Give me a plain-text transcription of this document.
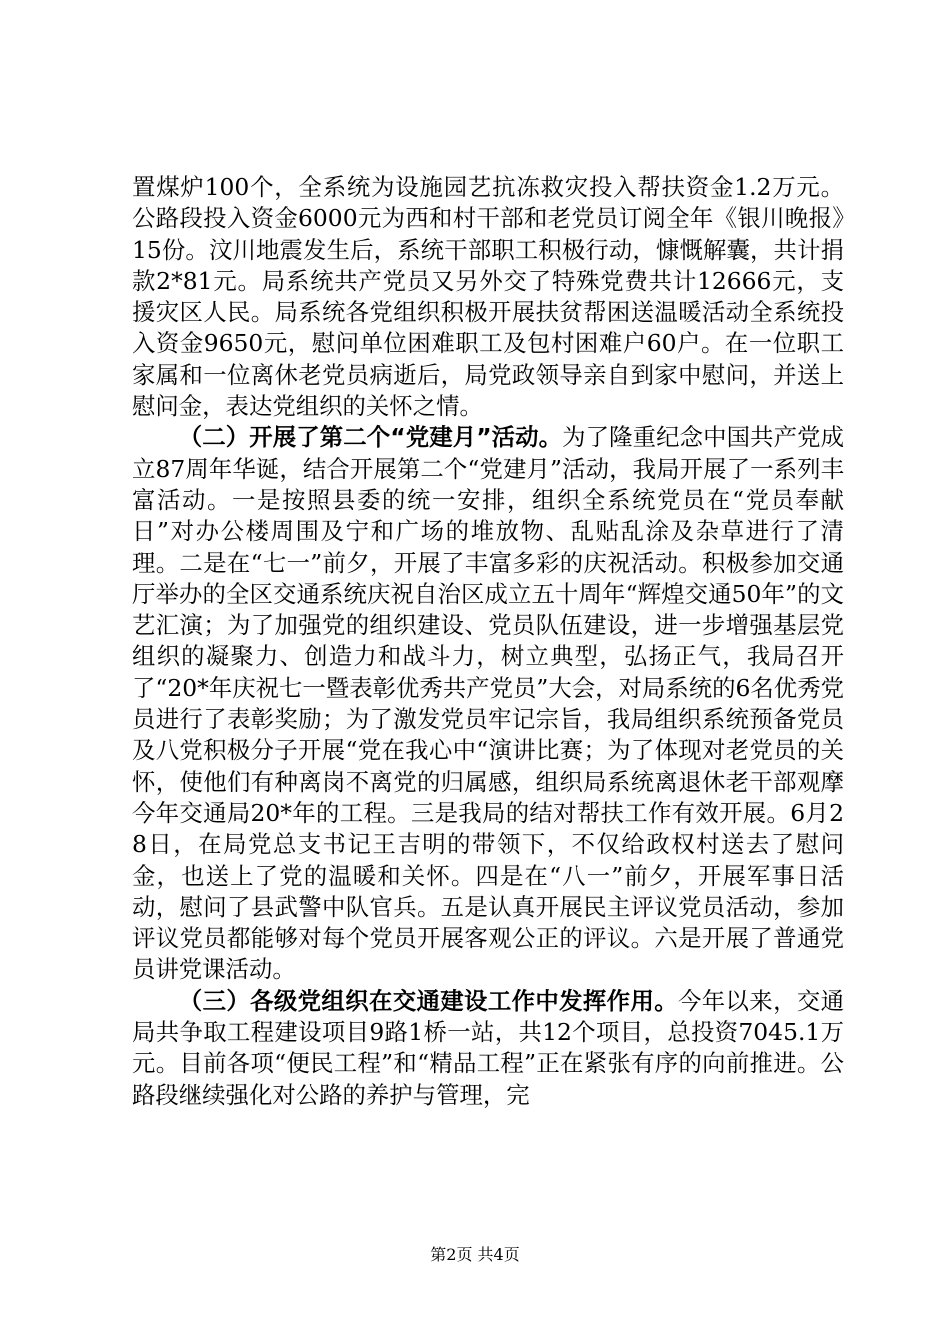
置煤炉100个，全系统为设施园艺抗冻救灾投入帮扶资金1.2万元。公路段投入资金6000元为西和村干部和老党员订阅全年《银川晚报》15份。汶川地震发生后，系统干部职工积极行动，慷慨解囊，共计捐款2*81元。局系统共产党员又另外交了特殊党费共计12666元，支援灾区人民。局系统各党组织积极开展扶贫帮困送温暖活动全系统投入资金9650元，慰问单位困难职工及包村困难户60户。在一位职工家属和一位离休老党员病逝后，局党政领导亲自到家中慰问，并送上慰问金，表达党组织的关怀之情。

（二）开展了第二个“党建月”活动。为了隆重纪念中国共产党成立87周年华诞，结合开展第二个“党建月”活动，我局开展了一系列丰富活动。一是按照县委的统一安排，组织全系统党员在“党员奉献日”对办公楼周围及宁和广场的堆放物、乱贴乱涂及杂草进行了清理。二是在“七一”前夕，开展了丰富多彩的庆祝活动。积极参加交通厅举办的全区交通系统庆祝自治区成立五十周年“辉煌交通50年”的文艺汇演；为了加强党的组织建设、党员队伍建设，进一步增强基层党组织的凝聚力、创造力和战斗力，树立典型，弘扬正气，我局召开了“20*年庆祝七一暨表彰优秀共产党员”大会，对局系统的6名优秀党员进行了表彰奖励；为了激发党员牢记宗旨，我局组织系统预备党员及八党积极分子开展“党在我心中“演讲比赛；为了体现对老党员的关怀，使他们有种离岗不离党的归属感，组织局系统离退休老干部观摩今年交通局20*年的工程。三是我局的结对帮扶工作有效开展。6月28日，在局党总支书记王吉明的带领下，不仅给政权村送去了慰问金，也送上了党的温暖和关怀。四是在“八一”前夕，开展军事日活动，慰问了县武警中队官兵。五是认真开展民主评议党员活动，参加评议党员都能够对每个党员开展客观公正的评议。六是开展了普通党员讲党课活动。

（三）各级党组织在交通建设工作中发挥作用。今年以来，交通局共争取工程建设项目9路1桥一站，共12个项目，总投资7045.1万元。目前各项“便民工程”和“精品工程”正在紧张有序的向前推进。公路段继续强化对公路的养护与管理，完

第2页 共4页
